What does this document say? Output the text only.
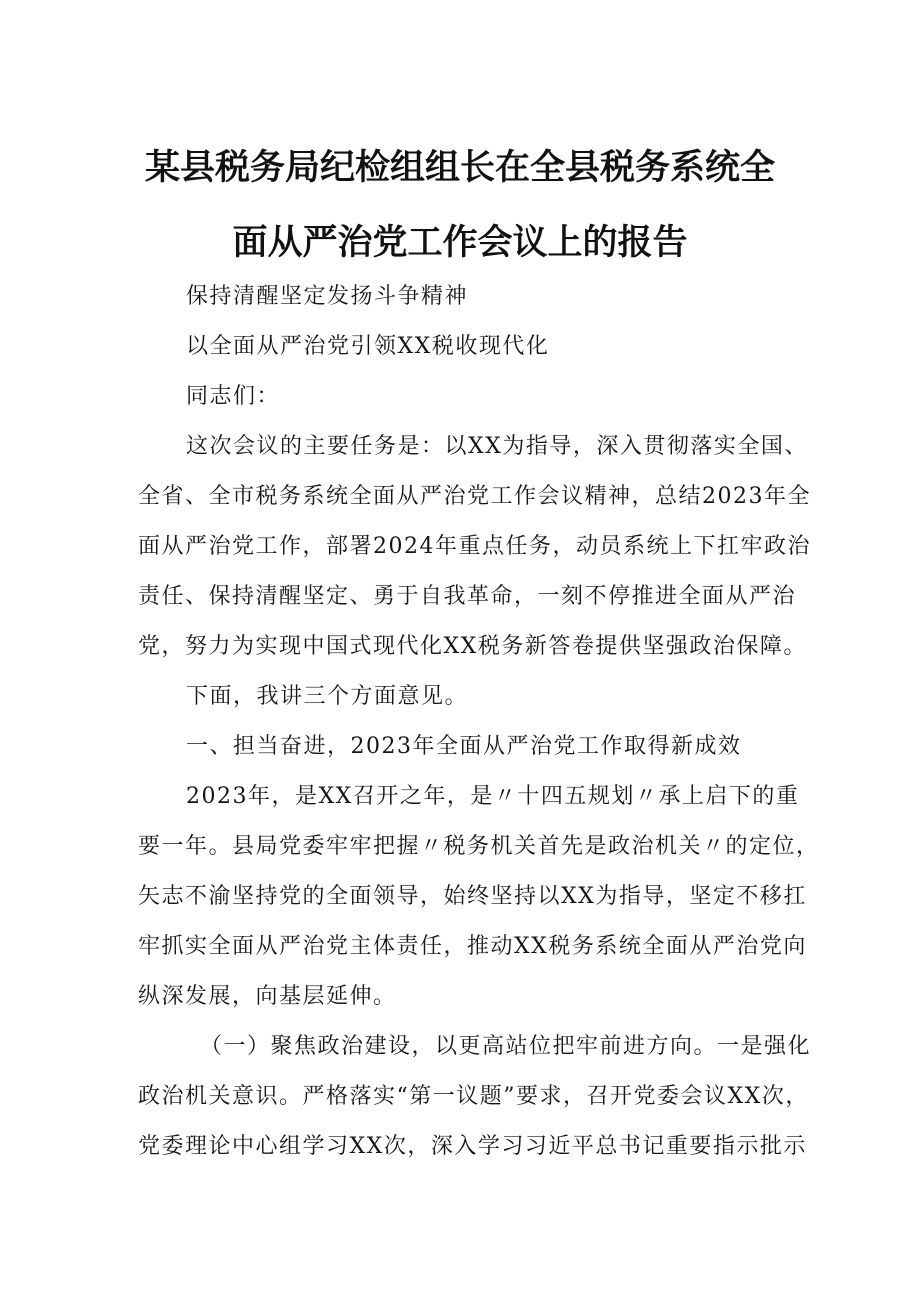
某县税务局纪检组组长在全县税务系统全
面从严治党工作会议上的报告
保持清醒坚定发扬斗争精神
以全面从严治党引领XX税收现代化
同志们：
这次会议的主要任务是：以XX为指导，深入贯彻落实全国、
全省、全市税务系统全面从严治党工作会议精神，总结2023年全
面从严治党工作，部署2024年重点任务，动员系统上下扛牢政治
责任、保持清醒坚定、勇于自我革命，一刻不停推进全面从严治
党，努力为实现中国式现代化XX税务新答卷提供坚强政治保障。
下面，我讲三个方面意见。
一、担当奋进，2023年全面从严治党工作取得新成效
2023年，是XX召开之年，是〃十四五规划〃承上启下的重
要一年。县局党委牢牢把握〃税务机关首先是政治机关〃的定位，
矢志不渝坚持党的全面领导，始终坚持以XX为指导，坚定不移扛
牢抓实全面从严治党主体责任，推动XX税务系统全面从严治党向
纵深发展，向基层延伸。
（一）聚焦政治建设，以更高站位把牢前进方向。一是强化
政治机关意识。严格落实“第一议题”要求，召开党委会议XX次，
党委理论中心组学习XX次，深入学习习近平总书记重要指示批示
